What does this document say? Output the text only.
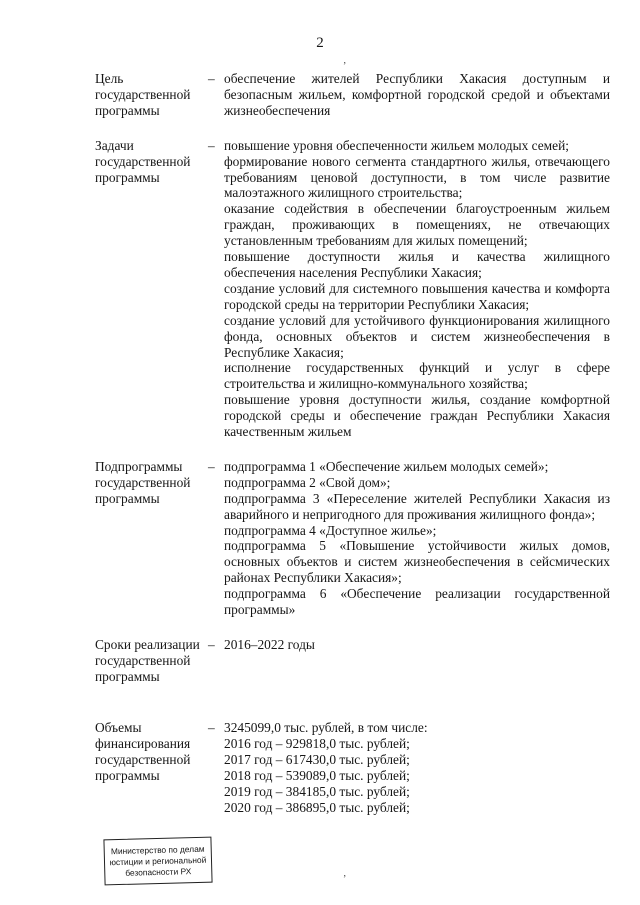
2
Цель государственной программы
– обеспечение жителей Республики Хакасия доступным и безопасным жильем, комфортной городской средой и объектами жизнеобеспечения
Задачи государственной программы
– повышение уровня обеспеченности жильем молодых семей;
формирование нового сегмента стандартного жилья, отвечающего требованиям ценовой доступности, в том числе развитие малоэтажного жилищного строительства;
оказание содействия в обеспечении благоустроенным жильем граждан, проживающих в помещениях, не отвечающих установленным требованиям для жилых помещений;
повышение доступности жилья и качества жилищного обеспечения населения Республики Хакасия;
создание условий для системного повышения качества и комфорта городской среды на территории Республики Хакасия;
создание условий для устойчивого функционирования жилищного фонда, основных объектов и систем жизнеобеспечения в Республике Хакасия;
исполнение государственных функций и услуг в сфере строительства и жилищно-коммунального хозяйства;
повышение уровня доступности жилья, создание комфортной городской среды и обеспечение граждан Республики Хакасия качественным жильем
Подпрограммы государственной программы
– подпрограмма 1 «Обеспечение жильем молодых семей»;
подпрограмма 2 «Свой дом»;
подпрограмма 3 «Переселение жителей Республики Хакасия из аварийного и непригодного для проживания жилищного фонда»;
подпрограмма 4 «Доступное жилье»;
подпрограмма 5 «Повышение устойчивости жилых домов, основных объектов и систем жизнеобеспечения в сейсмических районах Республики Хакасия»;
подпрограмма 6 «Обеспечение реализации государственной программы»
Сроки реализации государственной программы
– 2016–2022 годы
Объемы финансирования государственной программы
– 3245099,0 тыс. рублей, в том числе:
2016 год – 929818,0 тыс. рублей;
2017 год – 617430,0 тыс. рублей;
2018 год – 539089,0 тыс. рублей;
2019 год – 384185,0 тыс. рублей;
2020 год – 386895,0 тыс. рублей;
Министерство по делам
юстиции и региональной
безопасности РХ
‚
‚
